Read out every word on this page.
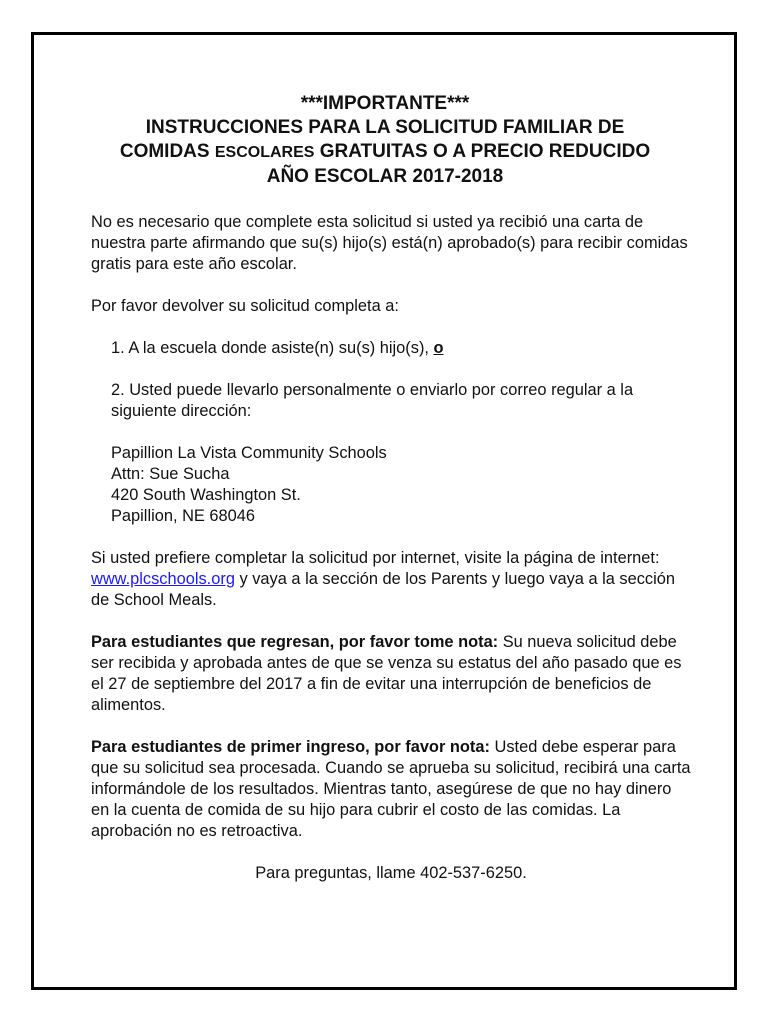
***IMPORTANTE***
INSTRUCCIONES PARA LA SOLICITUD FAMILIAR DE
COMIDAS ESCOLARES GRATUITAS O A PRECIO REDUCIDO
AÑO ESCOLAR 2017-2018

No es necesario que complete esta solicitud si usted ya recibió una carta de nuestra parte afirmando que su(s) hijo(s) está(n) aprobado(s) para recibir comidas gratis para este año escolar.

Por favor devolver su solicitud completa a:

1. A la escuela donde asiste(n) su(s) hijo(s), o

2. Usted puede llevarlo personalmente o enviarlo por correo regular a la siguiente dirección:

Papillion La Vista Community Schools

Attn: Sue Sucha

420 South Washington St.

Papillion, NE 68046

Si usted prefiere completar la solicitud por internet, visite la página de internet: www.plcschools.org y vaya a la sección de los Parents y luego vaya a la sección de School Meals.

Para estudiantes que regresan, por favor tome nota: Su nueva solicitud debe ser recibida y aprobada antes de que se venza su estatus del año pasado que es el 27 de septiembre del 2017 a fin de evitar una interrupción de beneficios de alimentos.

Para estudiantes de primer ingreso, por favor nota: Usted debe esperar para que su solicitud sea procesada. Cuando se aprueba su solicitud, recibirá una carta informándole de los resultados. Mientras tanto, asegúrese de que no hay dinero en la cuenta de comida de su hijo para cubrir el costo de las comidas. La aprobación no es retroactiva.

Para preguntas, llame 402-537-6250.
